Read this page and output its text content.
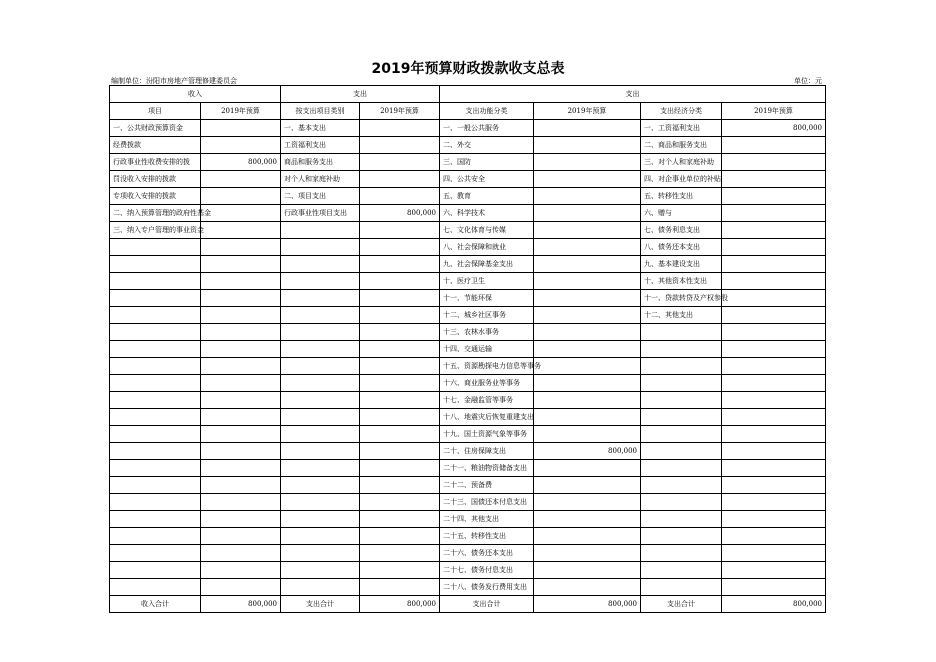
2019年预算财政拨款收支总表
编制单位：汾阳市房地产管理修建委员会	单位：元
收入		支出		支出			
项目	2019年预算	按支出项目类别	2019年预算	支出功能分类	2019年预算	支出经济分类	2019年预算
一、公共财政预算资金		一、基本支出		一、一般公共服务		一、工资福利支出	800,000
经费拨款		工资福利支出		二、外交		二、商品和服务支出	
行政事业性收费安排的拨	800,000	商品和服务支出		三、国防		三、对个人和家庭补助	
罚没收入安排的拨款		对个人和家庭补助		四、公共安全		四、对企事业单位的补贴	
专项收入安排的拨款		二、项目支出		五、教育		五、转移性支出	
二、纳入预算管理的政府性基金		行政事业性项目支出	800,000	六、科学技术		六、赠与	
三、纳入专户管理的事业资金				七、文化体育与传媒		七、债务利息支出	
				八、社会保障和就业		八、债务还本支出	
				九、社会保障基金支出		九、基本建设支出	
				十、医疗卫生		十、其他资本性支出	
				十一、节能环保		十一、贷款转贷及产权参股	
				十二、城乡社区事务		十二、其他支出	
				十三、农林水事务			
				十四、交通运输			
				十五、资源勘探电力信息等事务			
				十六、商业服务业等事务			
				十七、金融监管等事务			
				十八、地震灾后恢复重建支出			
				十九、国土资源气象等事务			
				二十、住房保障支出	800,000		
				二十一、粮油物资储备支出			
				二十二、预备费			
				二十三、国债还本付息支出			
				二十四、其他支出			
				二十五、转移性支出			
				二十六、债务还本支出			
				二十七、债务付息支出			
				二十八、债务发行费用支出			
收入合计	800,000	支出合计	800,000	支出合计	800,000	支出合计	800,000
